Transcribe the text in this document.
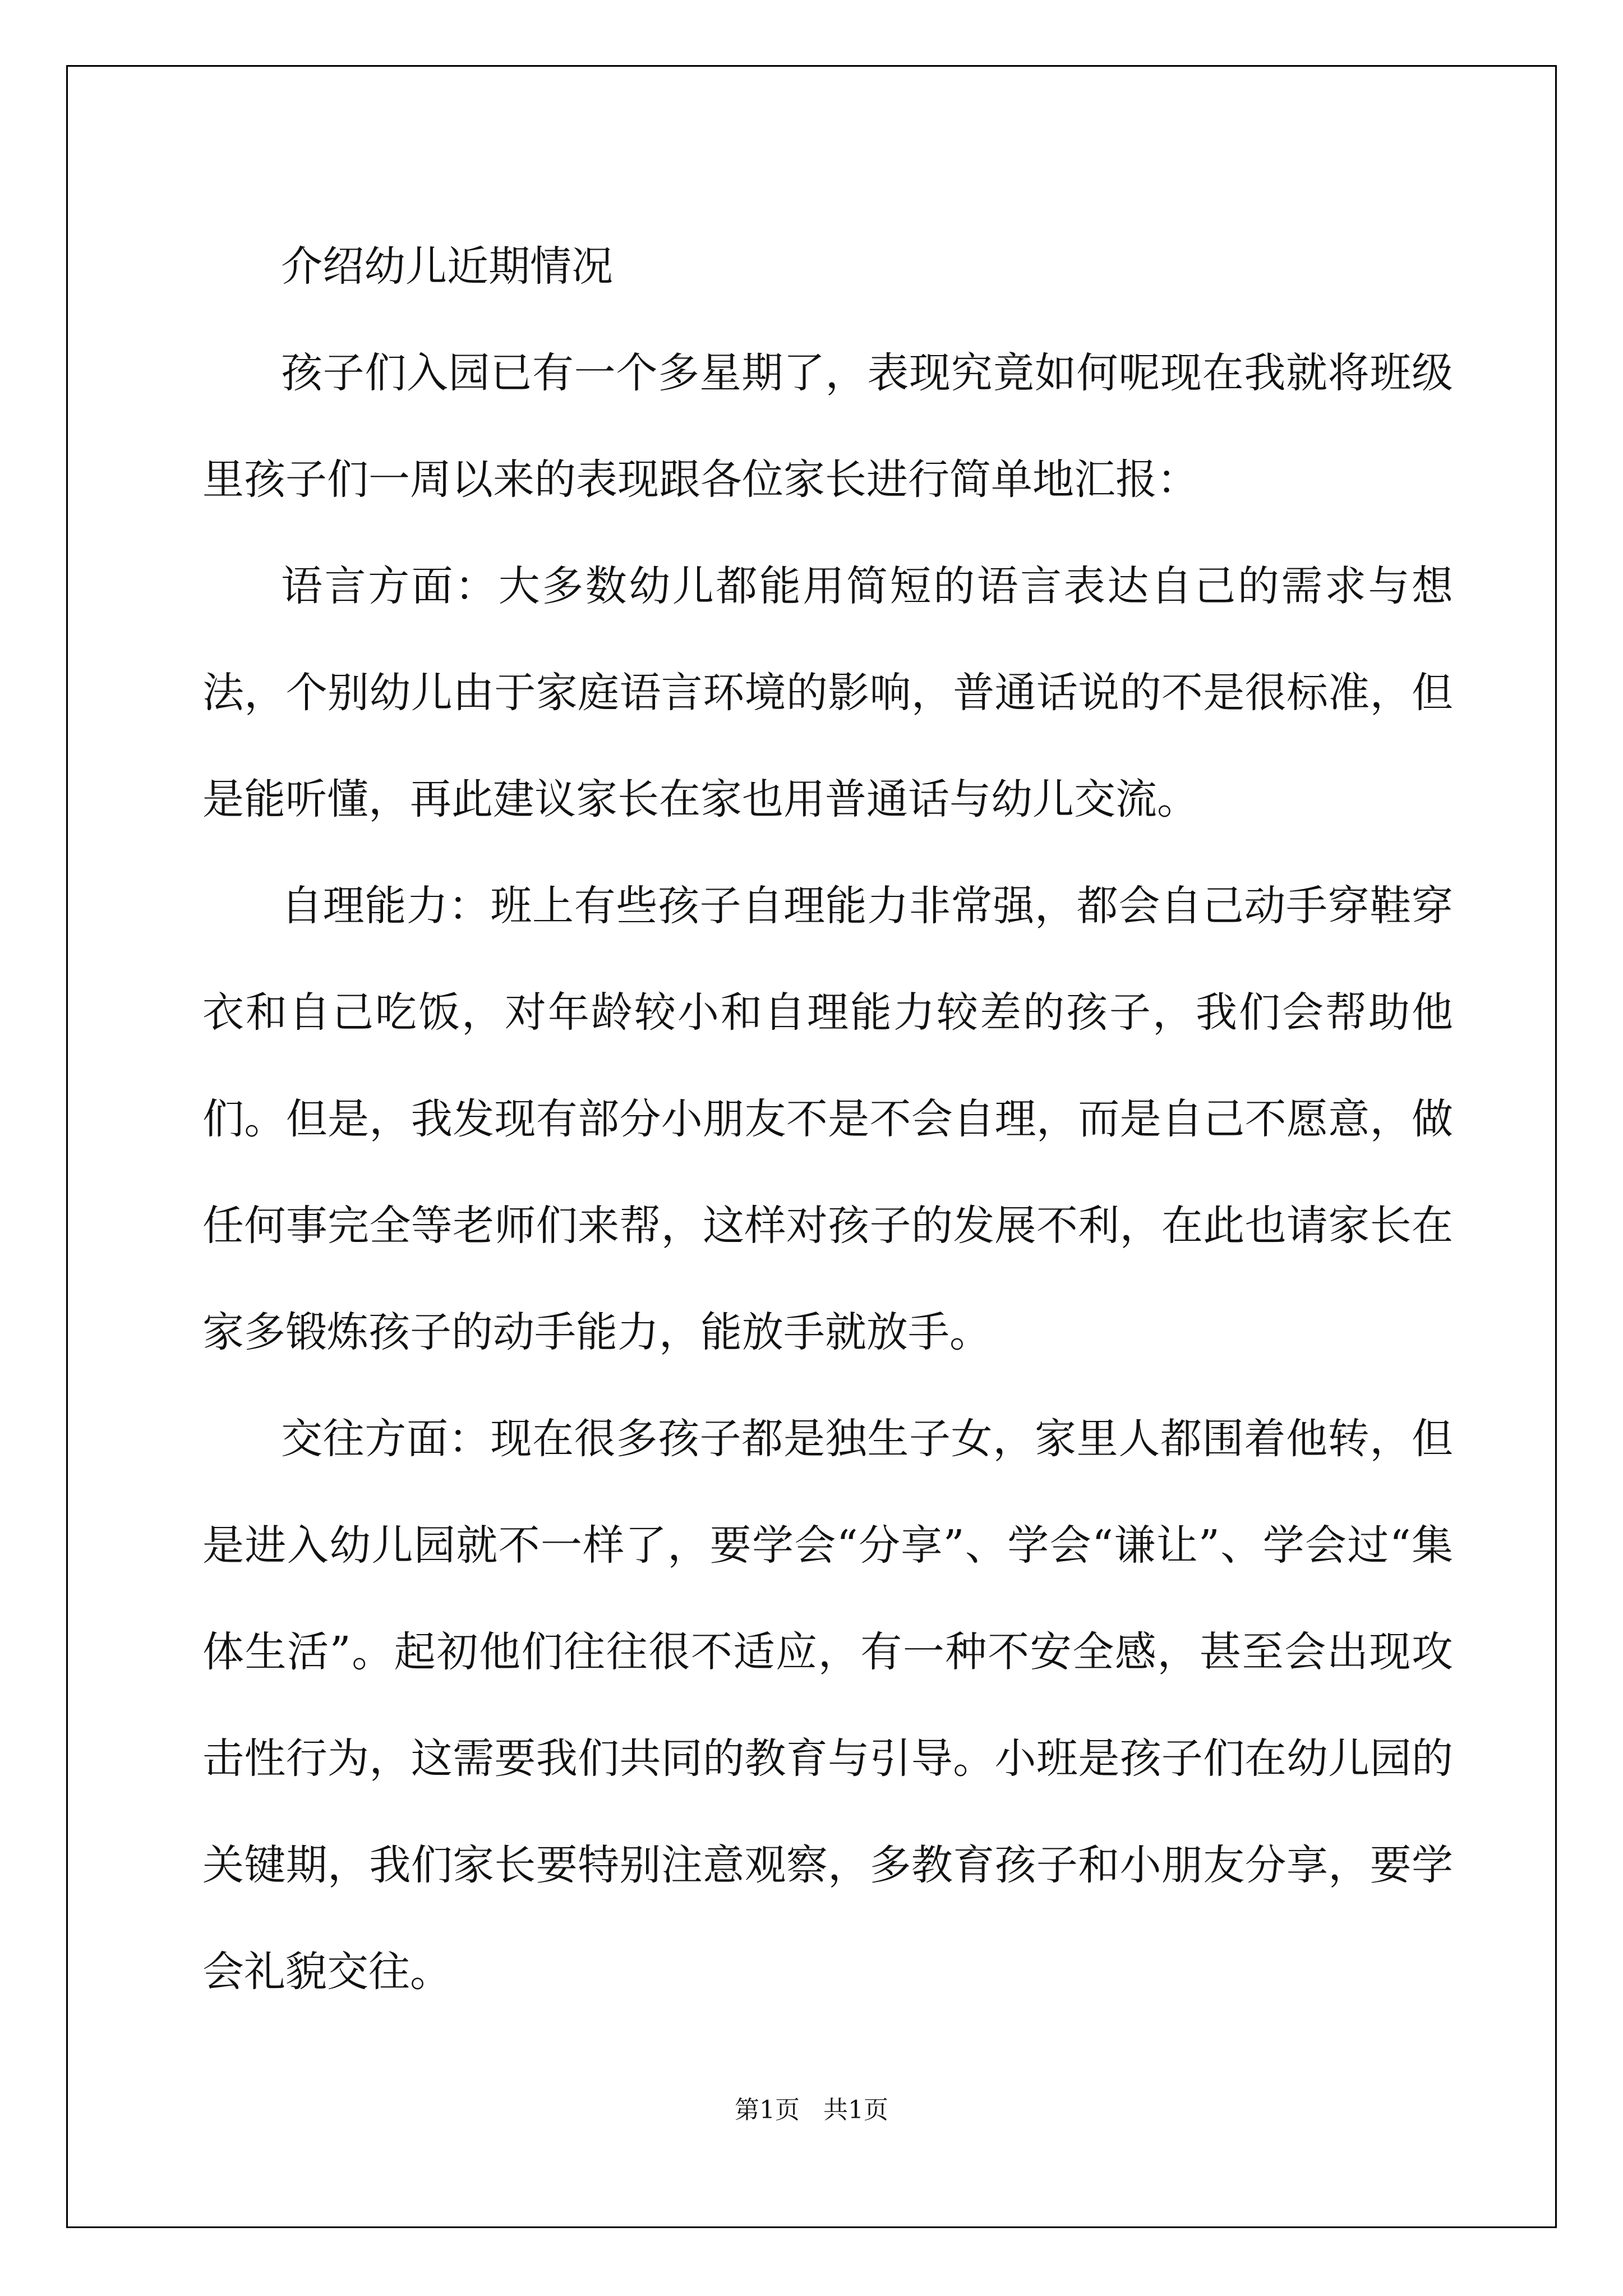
介绍幼儿近期情况

孩子们入园已有一个多星期了，表现究竟如何呢现在我就将班级里孩子们一周以来的表现跟各位家长进行简单地汇报：

语言方面：大多数幼儿都能用简短的语言表达自己的需求与想法，个别幼儿由于家庭语言环境的影响，普通话说的不是很标准，但是能听懂，再此建议家长在家也用普通话与幼儿交流。

自理能力：班上有些孩子自理能力非常强，都会自己动手穿鞋穿衣和自己吃饭，对年龄较小和自理能力较差的孩子，我们会帮助他们。但是，我发现有部分小朋友不是不会自理，而是自己不愿意，做任何事完全等老师们来帮，这样对孩子的发展不利，在此也请家长在家多锻炼孩子的动手能力，能放手就放手。

交往方面：现在很多孩子都是独生子女，家里人都围着他转，但是进入幼儿园就不一样了，要学会“分享”、学会“谦让”、学会过“集体生活”。起初他们往往很不适应，有一种不安全感，甚至会出现攻击性行为，这需要我们共同的教育与引导。小班是孩子们在幼儿园的关键期，我们家长要特别注意观察，多教育孩子和小朋友分享，要学会礼貌交往。

第1页   共1页
